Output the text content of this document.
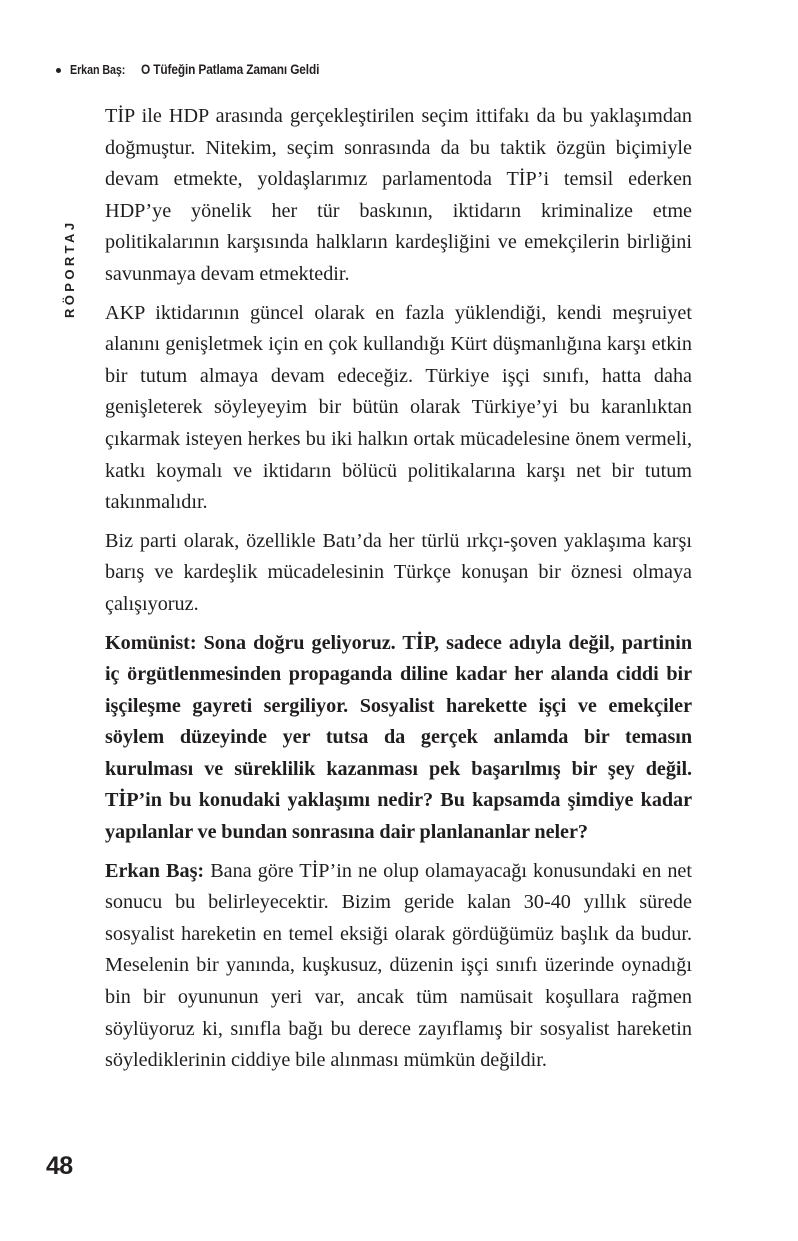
Erkan Baş: O Tüfeğin Patlama Zamanı Geldi
RÖPORTAJ

TİP ile HDP arasında gerçekleştirilen seçim ittifakı da bu yaklaşımdan doğmuştur. Nitekim, seçim sonrasında da bu taktik özgün biçimiyle devam etmekte, yoldaşlarımız parlamentoda TİP’i temsil ederken HDP’ye yönelik her tür baskının, iktidarın kriminalize etme politikalarının karşısında halkların kardeşliğini ve emekçilerin birliğini savunmaya devam etmektedir.

AKP iktidarının güncel olarak en fazla yüklendiği, kendi meşruiyet alanını genişletmek için en çok kullandığı Kürt düşmanlığına karşı etkin bir tutum almaya devam edeceğiz. Türkiye işçi sınıfı, hatta daha genişleterek söyleyeyim bir bütün olarak Türkiye’yi bu karanlıktan çıkarmak isteyen herkes bu iki halkın ortak mücadelesine önem vermeli, katkı koymalı ve iktidarın bölücü politikalarına karşı net bir tutum takınmalıdır.

Biz parti olarak, özellikle Batı’da her türlü ırkçı-şoven yaklaşıma karşı barış ve kardeşlik mücadelesinin Türkçe konuşan bir öznesi olmaya çalışıyoruz.

Komünist: Sona doğru geliyoruz. TİP, sadece adıyla değil, partinin iç örgütlenmesinden propaganda diline kadar her alanda ciddi bir işçileşme gayreti sergiliyor. Sosyalist harekette işçi ve emekçiler söylem düzeyinde yer tutsa da gerçek anlamda bir temasın kurulması ve süreklilik kazanması pek başarılmış bir şey değil. TİP’in bu konudaki yaklaşımı nedir? Bu kapsamda şimdiye kadar yapılanlar ve bundan sonrasına dair planlananlar neler?

Erkan Baş: Bana göre TİP’in ne olup olamayacağı konusundaki en net sonucu bu belirleyecektir. Bizim geride kalan 30-40 yıllık sürede sosyalist hareketin en temel eksiği olarak gördüğümüz başlık da budur. Meselenin bir yanında, kuşkusuz, düzenin işçi sınıfı üzerinde oynadığı bin bir oyununun yeri var, ancak tüm namüsait koşullara rağmen söylüyoruz ki, sınıfla bağı bu derece zayıflamış bir sosyalist hareketin söylediklerinin ciddiye bile alınması mümkün değildir.

48
